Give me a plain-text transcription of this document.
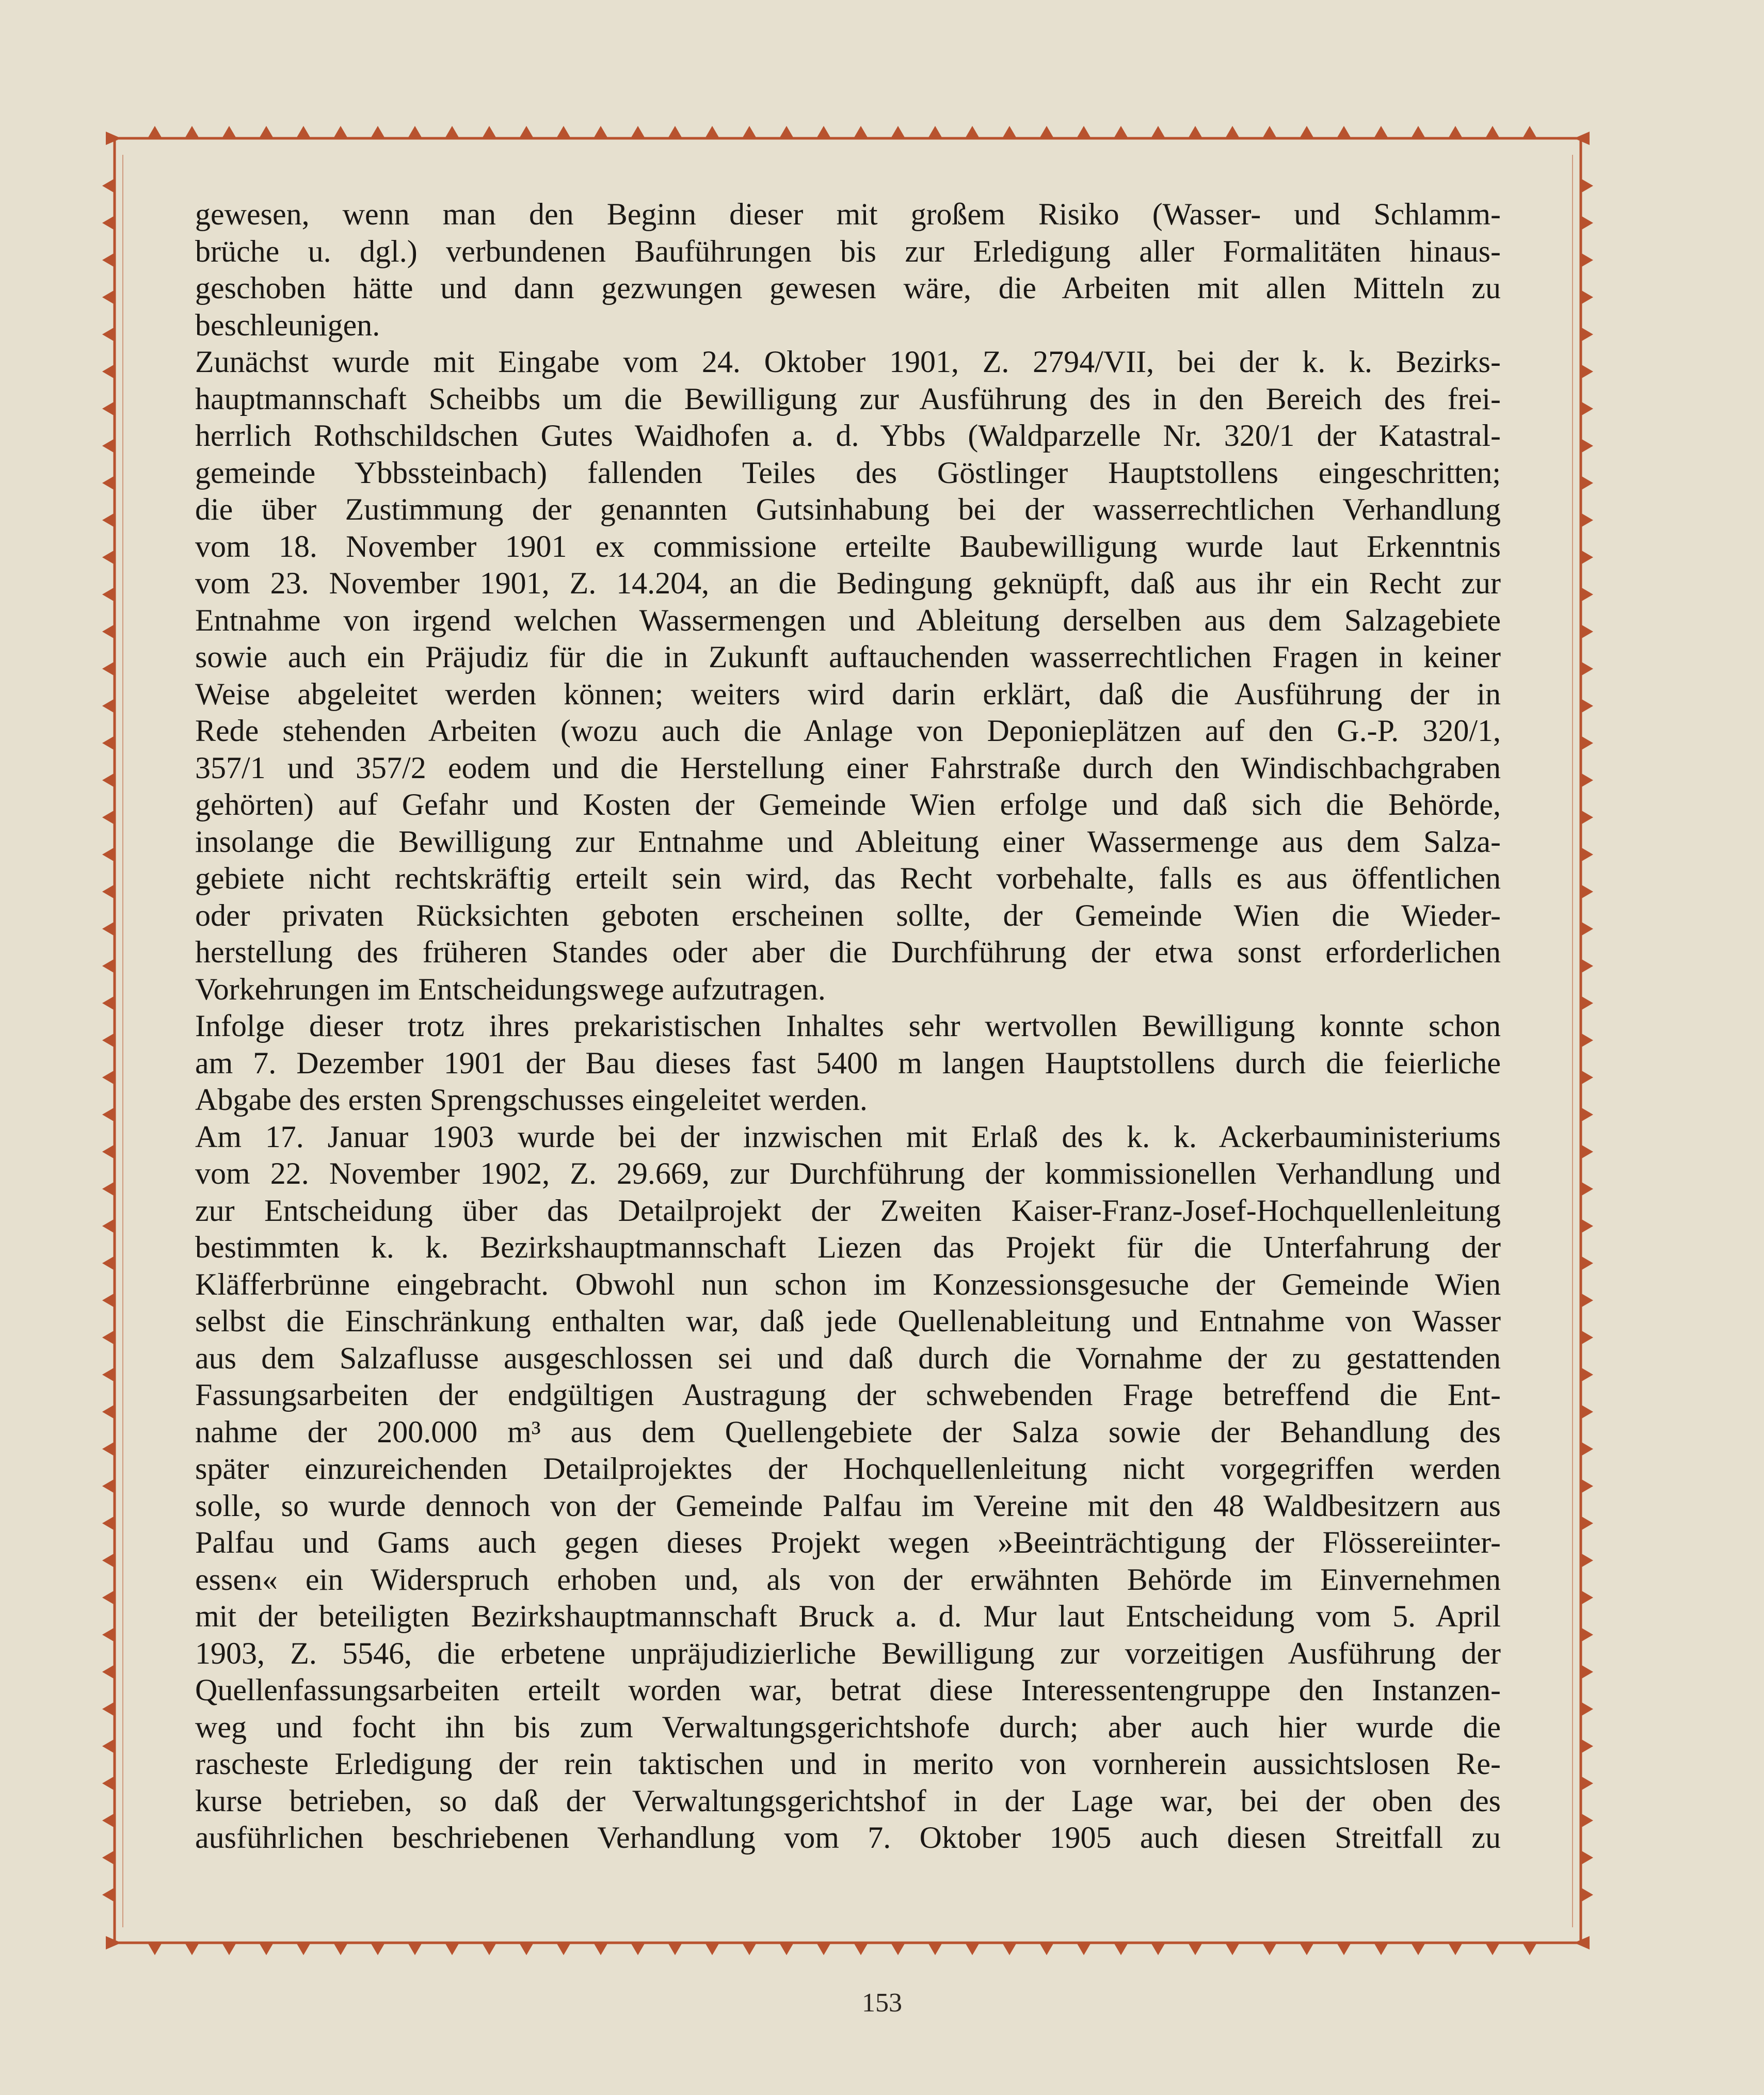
gewesen, wenn man den Beginn dieser mit großem Risiko (Wasser- und Schlamm-
brüche u. dgl.) verbundenen Bauführungen bis zur Erledigung aller Formalitäten hinaus-
geschoben hätte und dann gezwungen gewesen wäre, die Arbeiten mit allen Mitteln zu
beschleunigen.
Zunächst wurde mit Eingabe vom 24. Oktober 1901, Z. 2794/VII, bei der k. k. Bezirks-
hauptmannschaft Scheibbs um die Bewilligung zur Ausführung des in den Bereich des frei-
herrlich Rothschildschen Gutes Waidhofen a. d. Ybbs (Waldparzelle Nr. 320/1 der Katastral-
gemeinde Ybbssteinbach) fallenden Teiles des Göstlinger Hauptstollens eingeschritten;
die über Zustimmung der genannten Gutsinhabung bei der wasserrechtlichen Verhandlung
vom 18. November 1901 ex commissione erteilte Baubewilligung wurde laut Erkenntnis
vom 23. November 1901, Z. 14.204, an die Bedingung geknüpft, daß aus ihr ein Recht zur
Entnahme von irgend welchen Wassermengen und Ableitung derselben aus dem Salzagebiete
sowie auch ein Präjudiz für die in Zukunft auftauchenden wasserrechtlichen Fragen in keiner
Weise abgeleitet werden können; weiters wird darin erklärt, daß die Ausführung der in
Rede stehenden Arbeiten (wozu auch die Anlage von Deponieplätzen auf den G.-P. 320/1,
357/1 und 357/2 eodem und die Herstellung einer Fahrstraße durch den Windischbachgraben
gehörten) auf Gefahr und Kosten der Gemeinde Wien erfolge und daß sich die Behörde,
insolange die Bewilligung zur Entnahme und Ableitung einer Wassermenge aus dem Salza-
gebiete nicht rechtskräftig erteilt sein wird, das Recht vorbehalte, falls es aus öffentlichen
oder privaten Rücksichten geboten erscheinen sollte, der Gemeinde Wien die Wieder-
herstellung des früheren Standes oder aber die Durchführung der etwa sonst erforderlichen
Vorkehrungen im Entscheidungswege aufzutragen.
Infolge dieser trotz ihres prekaristischen Inhaltes sehr wertvollen Bewilligung konnte schon
am 7. Dezember 1901 der Bau dieses fast 5400 m langen Hauptstollens durch die feierliche
Abgabe des ersten Sprengschusses eingeleitet werden.
Am 17. Januar 1903 wurde bei der inzwischen mit Erlaß des k. k. Ackerbauministeriums
vom 22. November 1902, Z. 29.669, zur Durchführung der kommissionellen Verhandlung und
zur Entscheidung über das Detailprojekt der Zweiten Kaiser-Franz-Josef-Hochquellenleitung
bestimmten k. k. Bezirkshauptmannschaft Liezen das Projekt für die Unterfahrung der
Kläfferbrünne eingebracht. Obwohl nun schon im Konzessionsgesuche der Gemeinde Wien
selbst die Einschränkung enthalten war, daß jede Quellenableitung und Entnahme von Wasser
aus dem Salzaflusse ausgeschlossen sei und daß durch die Vornahme der zu gestattenden
Fassungsarbeiten der endgültigen Austragung der schwebenden Frage betreffend die Ent-
nahme der 200.000 m³ aus dem Quellengebiete der Salza sowie der Behandlung des
später einzureichenden Detailprojektes der Hochquellenleitung nicht vorgegriffen werden
solle, so wurde dennoch von der Gemeinde Palfau im Vereine mit den 48 Waldbesitzern aus
Palfau und Gams auch gegen dieses Projekt wegen »Beeinträchtigung der Flössereiinter-
essen« ein Widerspruch erhoben und, als von der erwähnten Behörde im Einvernehmen
mit der beteiligten Bezirkshauptmannschaft Bruck a. d. Mur laut Entscheidung vom 5. April
1903, Z. 5546, die erbetene unpräjudizierliche Bewilligung zur vorzeitigen Ausführung der
Quellenfassungsarbeiten erteilt worden war, betrat diese Interessentengruppe den Instanzen-
weg und focht ihn bis zum Verwaltungsgerichtshofe durch; aber auch hier wurde die
rascheste Erledigung der rein taktischen und in merito von vornherein aussichtslosen Re-
kurse betrieben, so daß der Verwaltungsgerichtshof in der Lage war, bei der oben des
ausführlichen beschriebenen Verhandlung vom 7. Oktober 1905 auch diesen Streitfall zu
153
